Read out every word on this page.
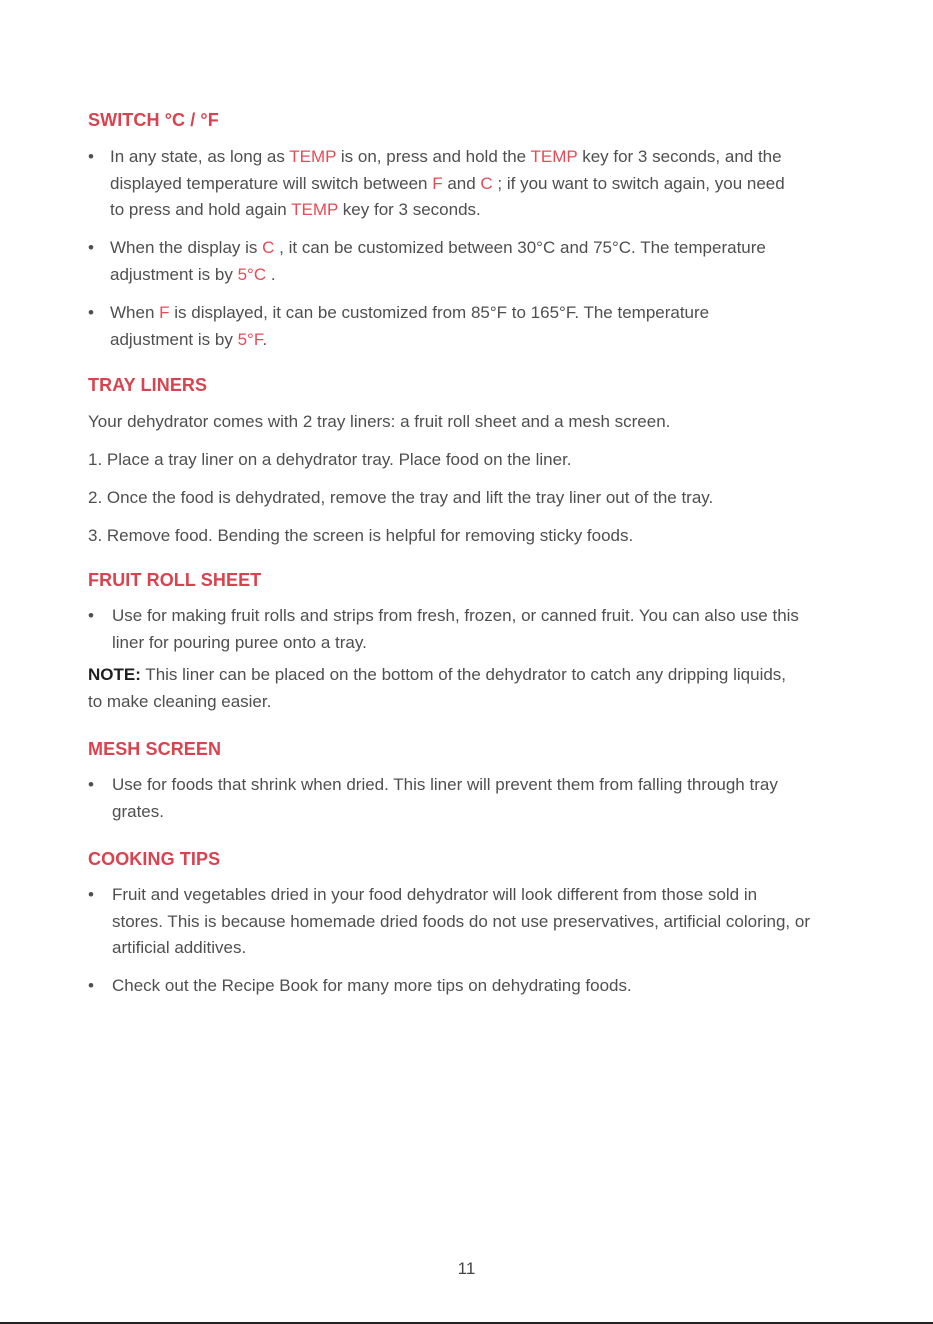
SWITCH °C / °F
• In any state, as long as TEMP is on, press and hold the TEMP key for 3 seconds, and the
displayed temperature will switch between F and C ; if you want to switch again, you need
to press and hold again TEMP key for 3 seconds.
• When the display is C , it can be customized between 30°C and 75°C. The temperature
adjustment is by 5°C .
• When F is displayed, it can be customized from 85°F to 165°F. The temperature
adjustment is by 5°F.
TRAY LINERS
Your dehydrator comes with 2 tray liners: a fruit roll sheet and a mesh screen.
1. Place a tray liner on a dehydrator tray. Place food on the liner.
2. Once the food is dehydrated, remove the tray and lift the tray liner out of the tray.
3. Remove food. Bending the screen is helpful for removing sticky foods.
FRUIT ROLL SHEET
• Use for making fruit rolls and strips from fresh, frozen, or canned fruit. You can also use this
liner for pouring puree onto a tray.
NOTE: This liner can be placed on the bottom of the dehydrator to catch any dripping liquids,
to make cleaning easier.
MESH SCREEN
• Use for foods that shrink when dried. This liner will prevent them from falling through tray
grates.
COOKING TIPS
• Fruit and vegetables dried in your food dehydrator will look different from those sold in
stores. This is because homemade dried foods do not use preservatives, artificial coloring, or
artificial additives.
• Check out the Recipe Book for many more tips on dehydrating foods.
11
